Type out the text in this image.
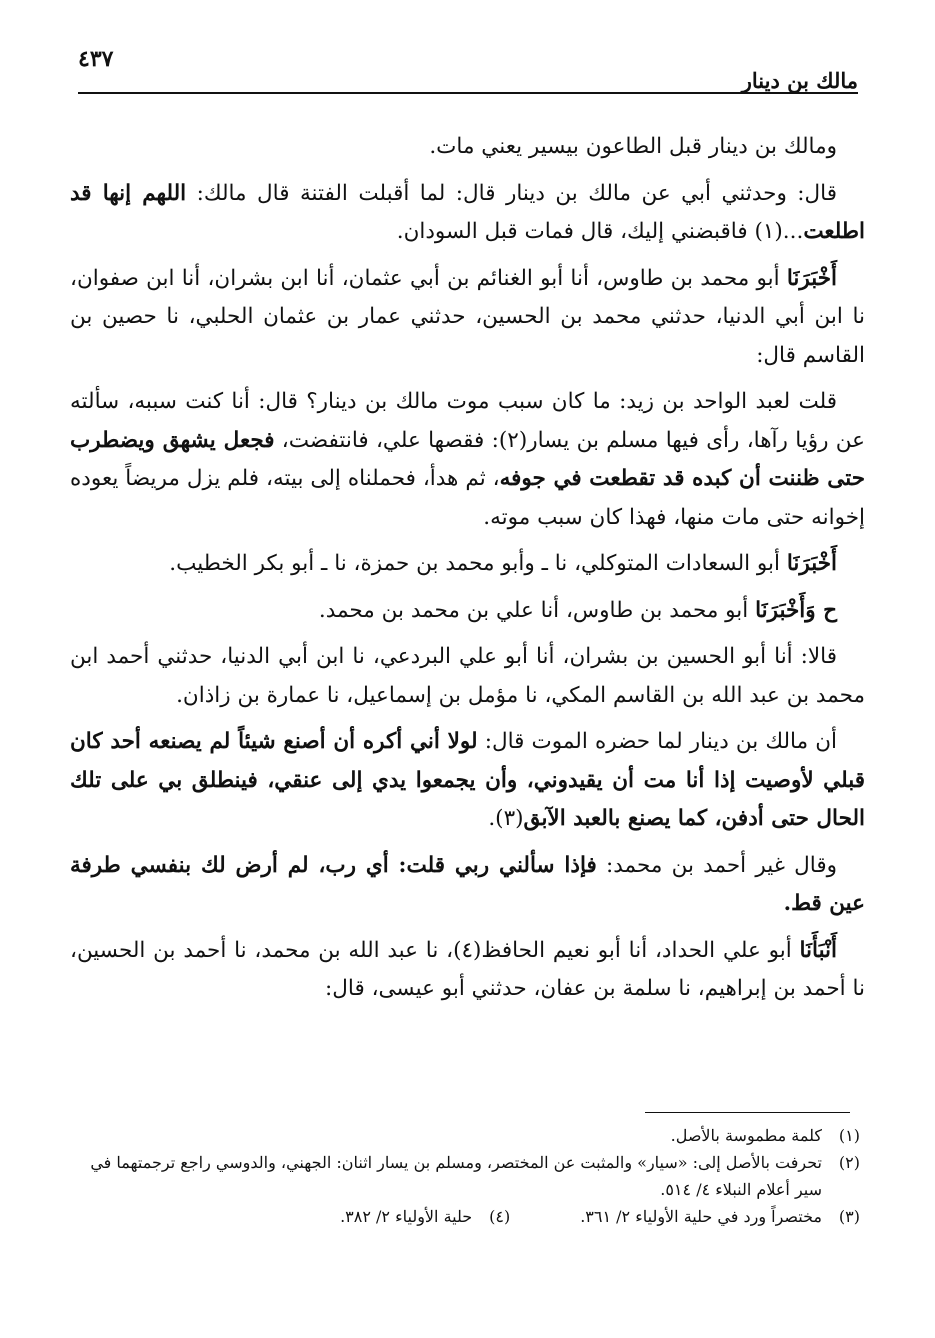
٤٣٧
مالك بن دينار

ومالك بن دينار قبل الطاعون بيسير يعني مات.

قال: وحدثني أبي عن مالك بن دينار قال: لما أقبلت الفتنة قال مالك: اللهم إنها قد اطلعت...(١) فاقبضني إليك، قال فمات قبل السودان.

أَخْبَرَنَا أبو محمد بن طاوس، أنا أبو الغنائم بن أبي عثمان، أنا ابن بشران، أنا ابن صفوان، نا ابن أبي الدنيا، حدثني محمد بن الحسين، حدثني عمار بن عثمان الحلبي، نا حصين بن القاسم قال:

قلت لعبد الواحد بن زيد: ما كان سبب موت مالك بن دينار؟ قال: أنا كنت سببه، سألته عن رؤيا رآها، رأى فيها مسلم بن يسار(٢): فقصها علي، فانتفضت، فجعل يشهق ويضطرب حتى ظننت أن كبده قد تقطعت في جوفه، ثم هدأ، فحملناه إلى بيته، فلم يزل مريضاً يعوده إخوانه حتى مات منها، فهذا كان سبب موته.

أَخْبَرَنَا أبو السعادات المتوكلي، نا ـ وأبو محمد بن حمزة، نا ـ أبو بكر الخطيب.

ح وَأَخْبَرَنَا أبو محمد بن طاوس، أنا علي بن محمد بن محمد.

قالا: أنا أبو الحسين بن بشران، أنا أبو علي البردعي، نا ابن أبي الدنيا، حدثني أحمد ابن محمد بن عبد الله بن القاسم المكي، نا مؤمل بن إسماعيل، نا عمارة بن زاذان.

أن مالك بن دينار لما حضره الموت قال: لولا أني أكره أن أصنع شيئاً لم يصنعه أحد كان قبلي لأوصيت إذا أنا مت أن يقيدوني، وأن يجمعوا يدي إلى عنقي، فينطلق بي على تلك الحال حتى أدفن، كما يصنع بالعبد الآبق(٣).

وقال غير أحمد بن محمد: فإذا سألني ربي قلت: أي رب، لم أرض لك بنفسي طرفة عين قط.

أَنْبَأَنَا أبو علي الحداد، أنا أبو نعيم الحافظ(٤)، نا عبد الله بن محمد، نا أحمد بن الحسين، نا أحمد بن إبراهيم، نا سلمة بن عفان، حدثني أبو عيسى، قال:

(١)
كلمة مطموسة بالأصل.

(٢)
تحرفت بالأصل إلى: «سيار» والمثبت عن المختصر، ومسلم بن يسار اثنان: الجهني، والدوسي راجع ترجمتهما في سير أعلام النبلاء ٤/ ٥١٤.

(٣)
مختصراً ورد في حلية الأولياء ٢/ ٣٦١.

(٤)
حلية الأولياء ٢/ ٣٨٢.
